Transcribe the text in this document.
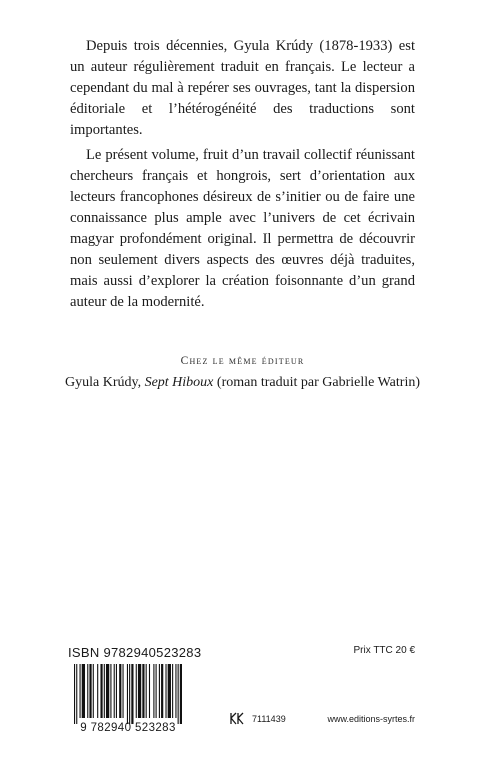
Depuis trois décennies, Gyula Krúdy (1878-1933) est un auteur régulièrement traduit en français. Le lecteur a cependant du mal à repérer ses ouvrages, tant la dispersion éditoriale et l’hétérogénéité des traductions sont importantes.

Le présent volume, fruit d’un travail collectif réunissant chercheurs français et hongrois, sert d’orientation aux lecteurs francophones désireux de s’initier ou de faire une connaissance plus ample avec l’univers de cet écrivain magyar profondément original. Il permettra de découvrir non seulement divers aspects des œuvres déjà traduites, mais aussi d’explorer la création foisonnante d’un grand auteur de la modernité.

Chez le même éditeur
Gyula Krúdy, Sept Hiboux (roman traduit par Gabrielle Watrin)
ISBN 9782940523283
9 782940 523283
Prix TTC 20 €
7111439	www.editions-syrtes.fr
